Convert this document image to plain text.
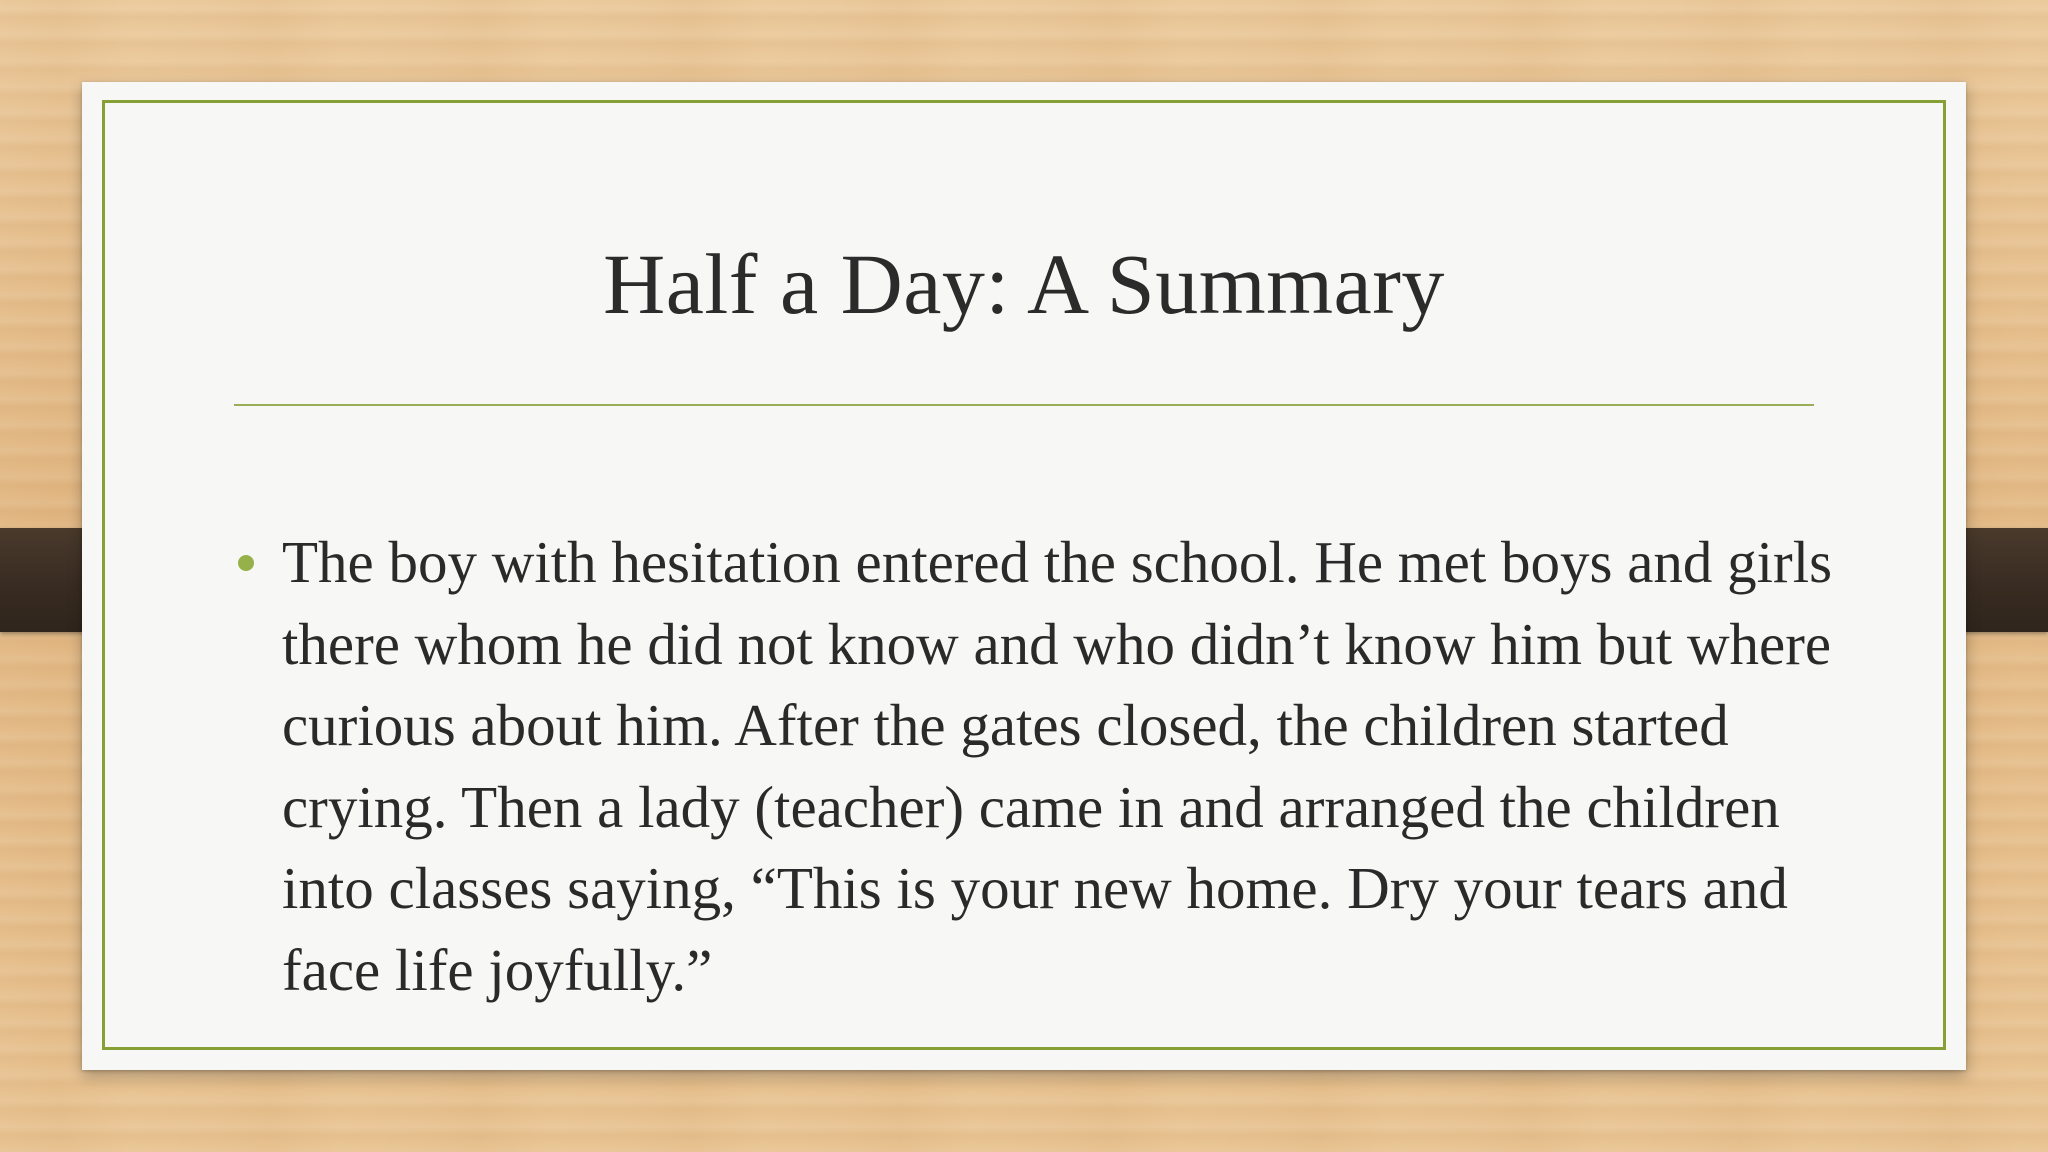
Half a Day: A Summary
The boy with hesitation entered the school. He met boys and girls there whom he did not know and who didn’t know him but where curious about him. After the gates closed, the children started crying. Then a lady (teacher) came in and arranged the children into classes saying, “This is your new home. Dry your tears and face life joyfully.”
